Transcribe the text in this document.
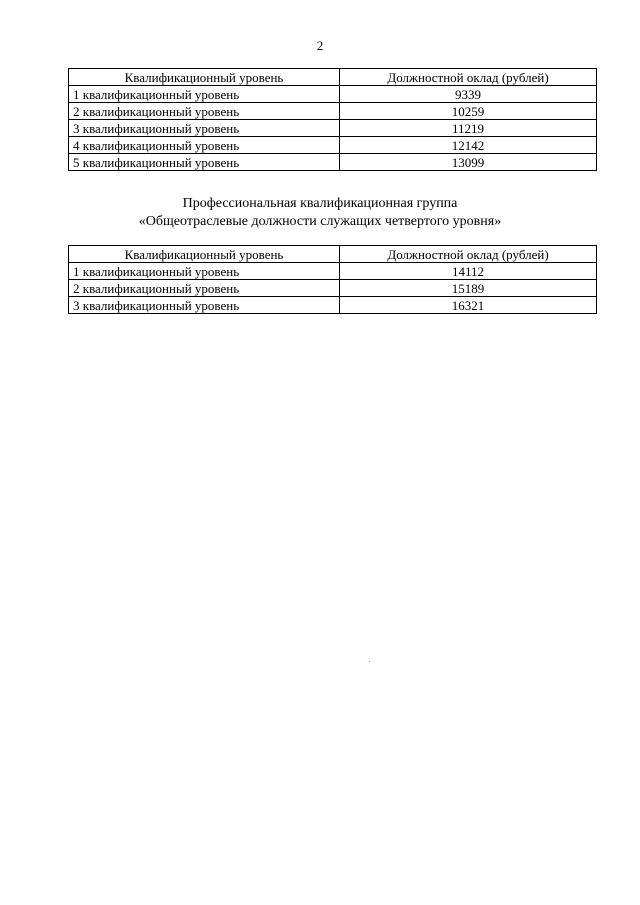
2
Квалификационный уровень	Должностной оклад (рублей)
1 квалификационный уровень	9339
2 квалификационный уровень	10259
3 квалификационный уровень	11219
4 квалификационный уровень	12142
5 квалификационный уровень	13099
Профессиональная квалификационная группа
«Общеотраслевые должности служащих четвертого уровня»
Квалификационный уровень	Должностной оклад (рублей)
1 квалификационный уровень	14112
2 квалификационный уровень	15189
3 квалификационный уровень	16321
